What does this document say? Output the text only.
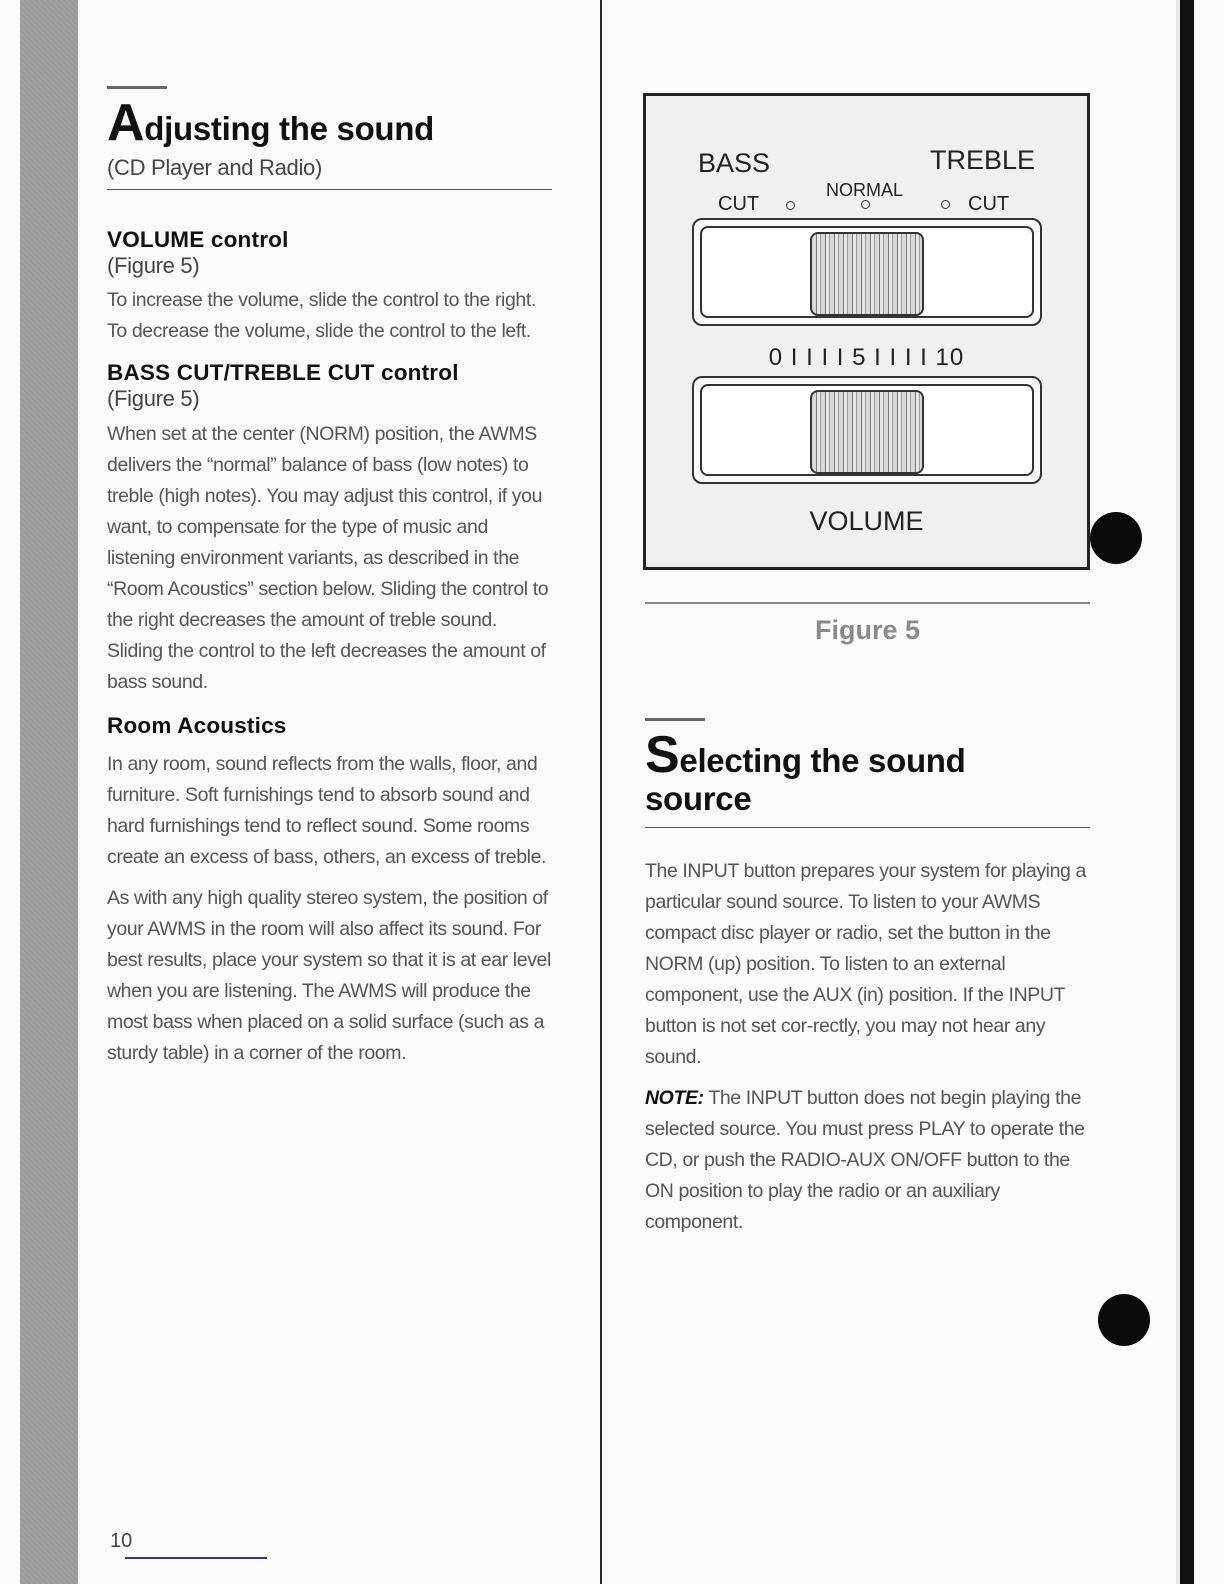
Adjusting the sound
(CD Player and Radio)
VOLUME control
(Figure 5)

To increase the volume, slide the control to the right. To decrease the volume, slide the control to the left.

BASS CUT/TREBLE CUT control
(Figure 5)

When set at the center (NORM) position, the AWMS delivers the “normal” balance of bass (low notes) to treble (high notes). You may adjust this control, if you want, to compensate for the type of music and listening environment variants, as described in the “Room Acoustics” section below. Sliding the control to the right decreases the amount of treble sound. Sliding the control to the left decreases the amount of bass sound.

Room Acoustics

In any room, sound reflects from the walls, floor, and furniture. Soft furnishings tend to absorb sound and hard furnishings tend to reflect sound. Some rooms create an excess of bass, others, an excess of treble.

As with any high quality stereo system, the position of your AWMS in the room will also affect its sound. For best results, place your system so that it is at ear level when you are listening. The AWMS will produce the most bass when placed on a solid surface (such as a sturdy table) in a corner of the room.

10
BASS	TREBLE
CUT
NORMAL
CUT
0 I I I I 5 I I I I 10
VOLUME
Figure 5
Selecting the sound
source

The INPUT button prepares your system for playing a particular sound source. To listen to your AWMS compact disc player or radio, set the button in the NORM (up) position. To listen to an external component, use the AUX (in) position. If the INPUT button is not set cor-rectly, you may not hear any sound.

NOTE: The INPUT button does not begin playing the selected source. You must press PLAY to operate the CD, or push the RADIO-AUX ON/OFF button to the ON position to play the radio or an auxiliary component.
